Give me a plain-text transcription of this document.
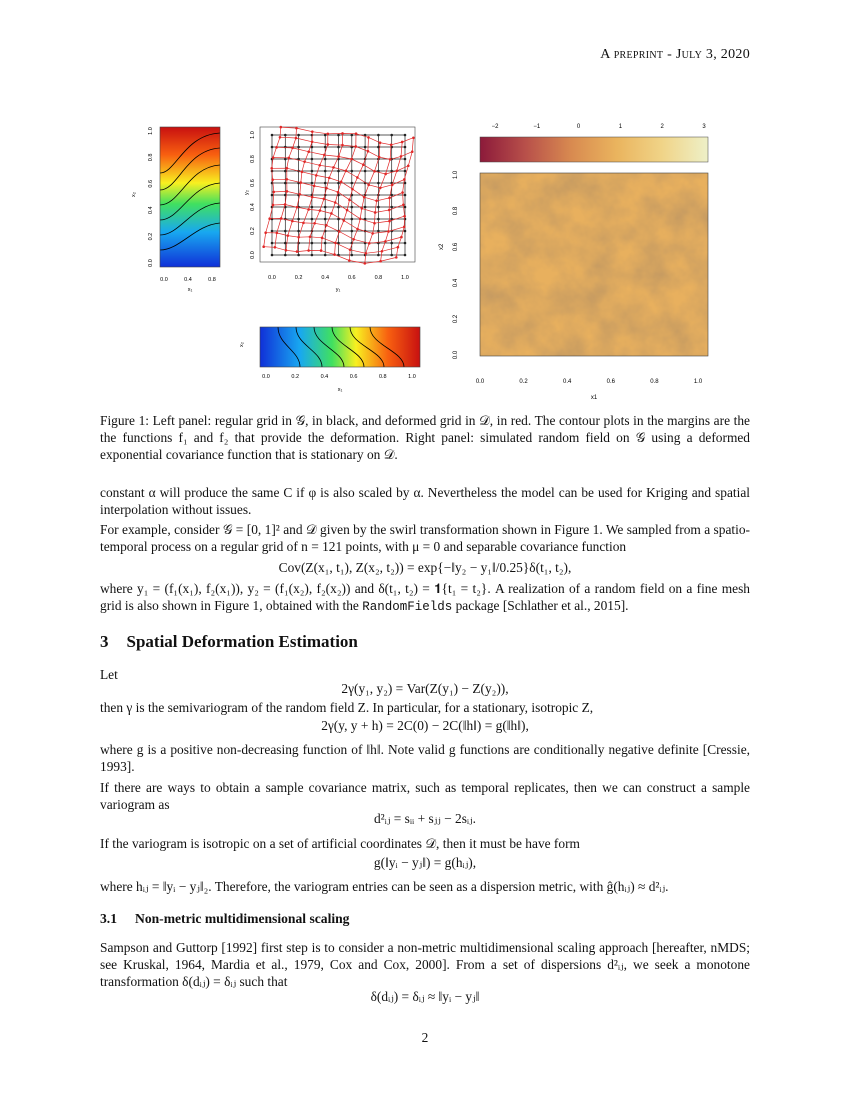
A preprint - July 3, 2020
x₂
x₁
0.0	0.4	0.8
0.0
0.2
0.4
0.6
0.8
1.0
y₂
y₁
0.0	0.2	0.4	0.6	0.8	1.0
0.0
0.2
0.4
0.6
0.8
1.0
x₂
x₁
0.0	0.2	0.4	0.6	0.8	1.0
−2	−1	0	1	2	3
x2
x1
0.0	0.2	0.4	0.6	0.8	1.0
0.0
0.2
0.4
0.6
0.8
1.0
Figure 1: Left panel: regular grid in 𝒢, in black, and deformed grid in 𝒟, in red. The contour plots in the margins are the the functions f₁ and f₂ that provide the deformation. Right panel: simulated random field on 𝒢 using a deformed exponential covariance function that is stationary on 𝒟.
constant α will produce the same C if φ is also scaled by α. Nevertheless the model can be used for Kriging and spatial interpolation without issues.
For example, consider 𝒢 = [0, 1]² and 𝒟 given by the swirl transformation shown in Figure 1. We sampled from a spatio-temporal process on a regular grid of n = 121 points, with μ = 0 and separable covariance function
Cov(Z(x₁, t₁), Z(x₂, t₂)) = exp{−‖y₂ − y₁‖/0.25}δ(t₁, t₂),
where y₁ = (f₁(x₁), f₂(x₁)), y₂ = (f₁(x₂), f₂(x₂)) and δ(t₁, t₂) = 𝟏{t₁ = t₂}. A realization of a random field on a fine mesh grid is also shown in Figure 1, obtained with the RandomFields package [Schlather et al., 2015].
3 Spatial Deformation Estimation
Let
2γ(y₁, y₂) = Var(Z(y₁) − Z(y₂)),
then γ is the semivariogram of the random field Z. In particular, for a stationary, isotropic Z,
2γ(y, y + h) = 2C(0) − 2C(‖h‖) = g(‖h‖),
where g is a positive non-decreasing function of ‖h‖. Note valid g functions are conditionally negative definite [Cressie, 1993].
If there are ways to obtain a sample covariance matrix, such as temporal replicates, then we can construct a sample variogram as
d²ᵢⱼ = sᵢᵢ + sⱼⱼ − 2sᵢⱼ.
If the variogram is isotropic on a set of artificial coordinates 𝒟, then it must be have form
g(‖yᵢ − yⱼ‖) = g(hᵢⱼ),
where hᵢⱼ = ‖yᵢ − yⱼ‖₂. Therefore, the variogram entries can be seen as a dispersion metric, with ĝ(hᵢⱼ) ≈ d²ᵢⱼ.
3.1 Non-metric multidimensional scaling
Sampson and Guttorp [1992] first step is to consider a non-metric multidimensional scaling approach [hereafter, nMDS; see Kruskal, 1964, Mardia et al., 1979, Cox and Cox, 2000]. From a set of dispersions d²ᵢⱼ, we seek a monotone transformation δ(dᵢⱼ) = δᵢⱼ such that
δ(dᵢⱼ) = δᵢⱼ ≈ ‖yᵢ − yⱼ‖
2
